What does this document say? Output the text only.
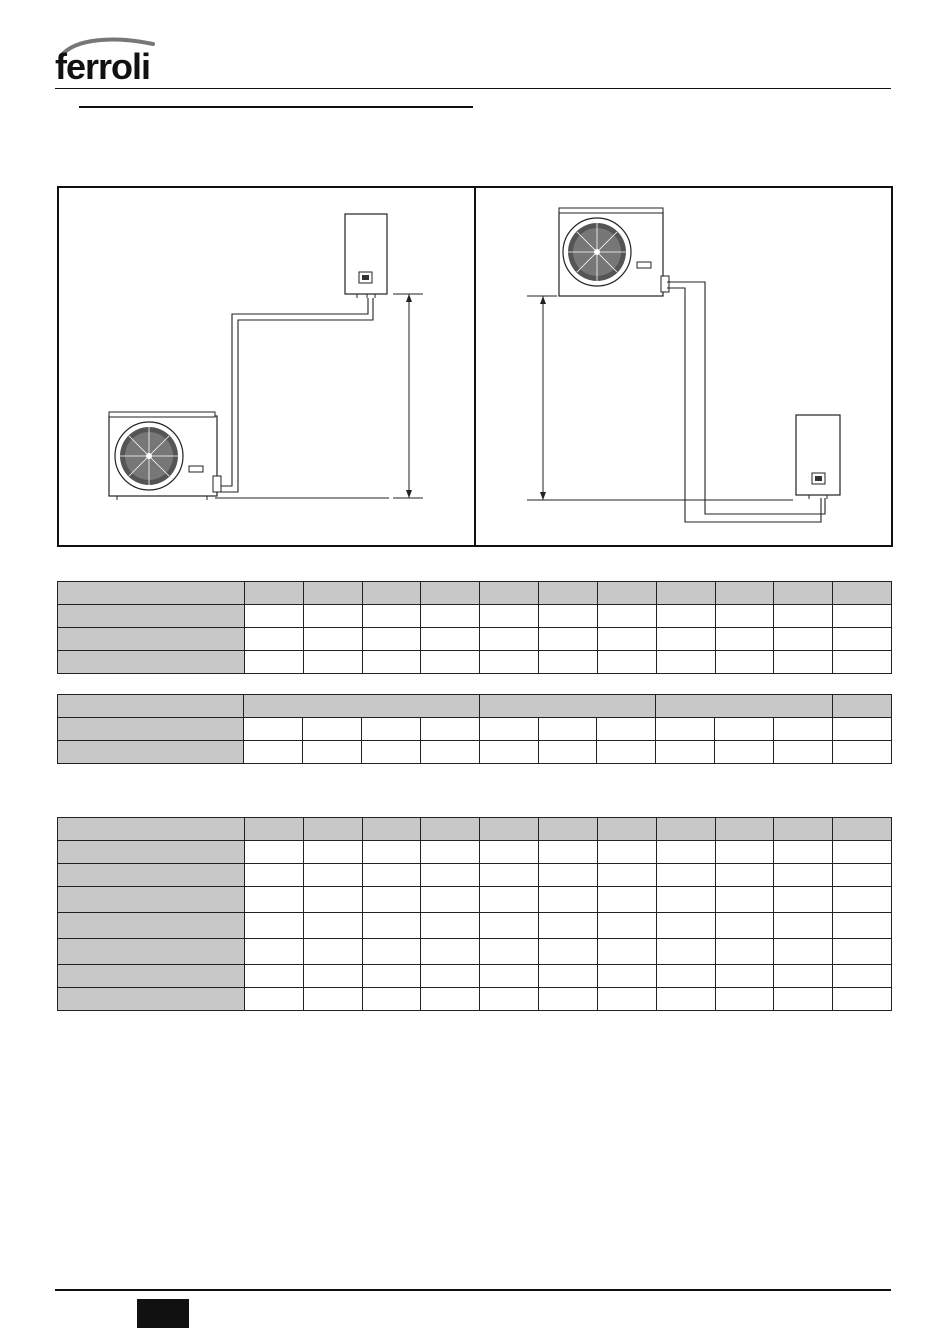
ferroli
